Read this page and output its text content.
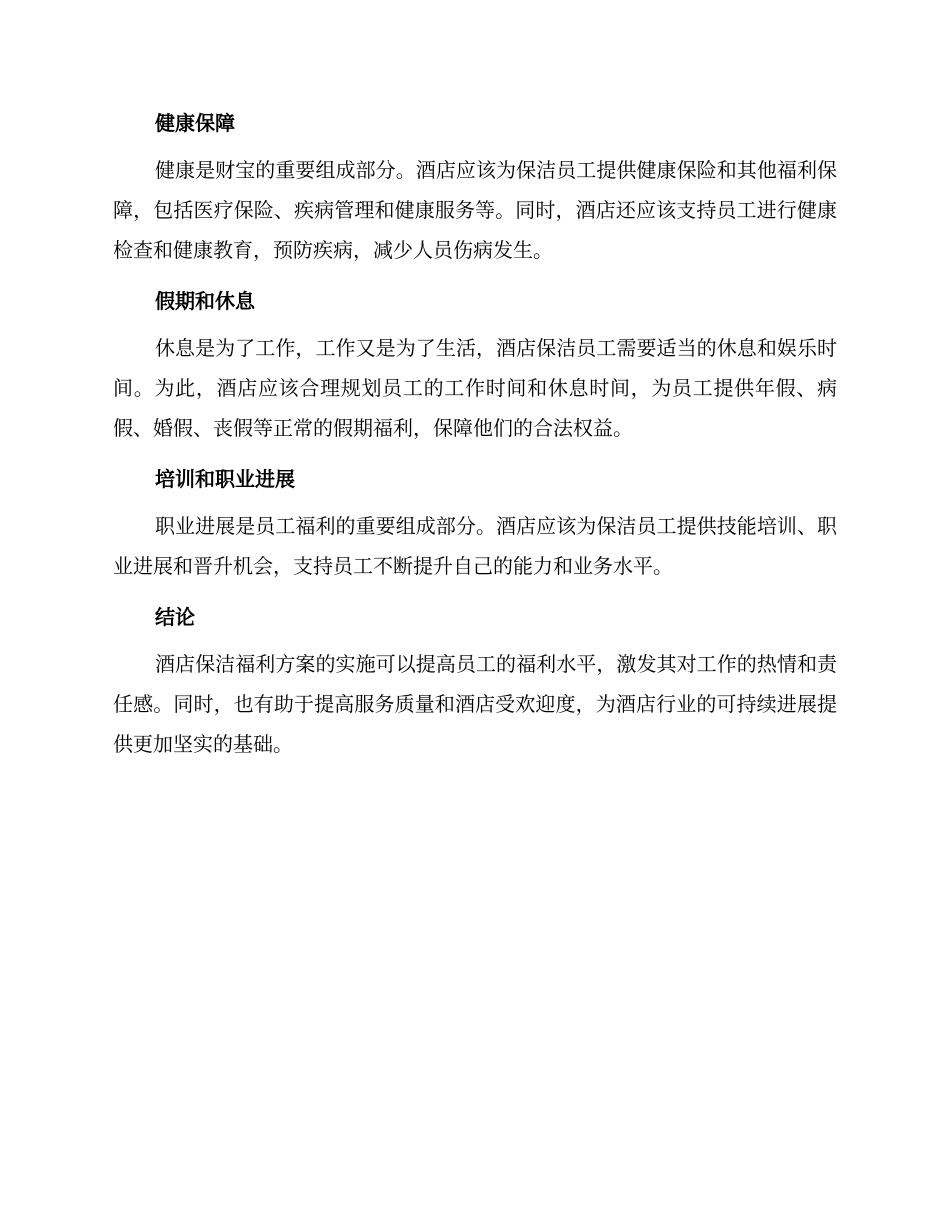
健康保障

健康是财宝的重要组成部分。酒店应该为保洁员工提供健康保险和其他福利保障，包括医疗保险、疾病管理和健康服务等。同时，酒店还应该支持员工进行健康检查和健康教育，预防疾病，减少人员伤病发生。

假期和休息

休息是为了工作，工作又是为了生活，酒店保洁员工需要适当的休息和娱乐时间。为此，酒店应该合理规划员工的工作时间和休息时间，为员工提供年假、病假、婚假、丧假等正常的假期福利，保障他们的合法权益。

培训和职业进展

职业进展是员工福利的重要组成部分。酒店应该为保洁员工提供技能培训、职业进展和晋升机会，支持员工不断提升自己的能力和业务水平。

结论

酒店保洁福利方案的实施可以提高员工的福利水平，激发其对工作的热情和责任感。同时，也有助于提高服务质量和酒店受欢迎度，为酒店行业的可持续进展提供更加坚实的基础。
